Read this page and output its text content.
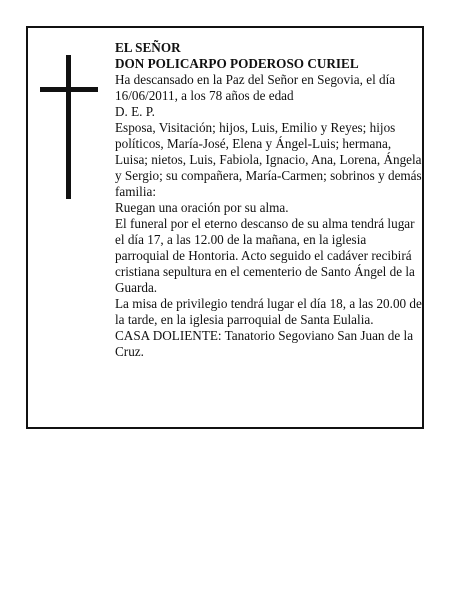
EL SEÑOR

DON POLICARPO PODEROSO CURIEL

Ha descansado en la Paz del Señor en Segovia, el día 16/06/2011, a los 78 años de edad

D. E. P.

Esposa, Visitación; hijos, Luis, Emilio y Reyes; hijos políticos, María-José, Elena y Ángel-Luis; hermana, Luisa; nietos, Luis, Fabiola, Ignacio, Ana, Lorena, Ángela y Sergio; su compañera, María-Carmen; sobrinos y demás familia:

Ruegan una oración por su alma.

El funeral por el eterno descanso de su alma tendrá lugar el día 17, a las 12.00 de la mañana, en la iglesia parroquial de Hontoria. Acto seguido el cadáver recibirá cristiana sepultura en el cementerio de Santo Ángel de la Guarda.

La misa de privilegio tendrá lugar el día 18, a las 20.00 de la tarde, en la iglesia parroquial de Santa Eulalia.

CASA DOLIENTE: Tanatorio Segoviano San Juan de la Cruz.
